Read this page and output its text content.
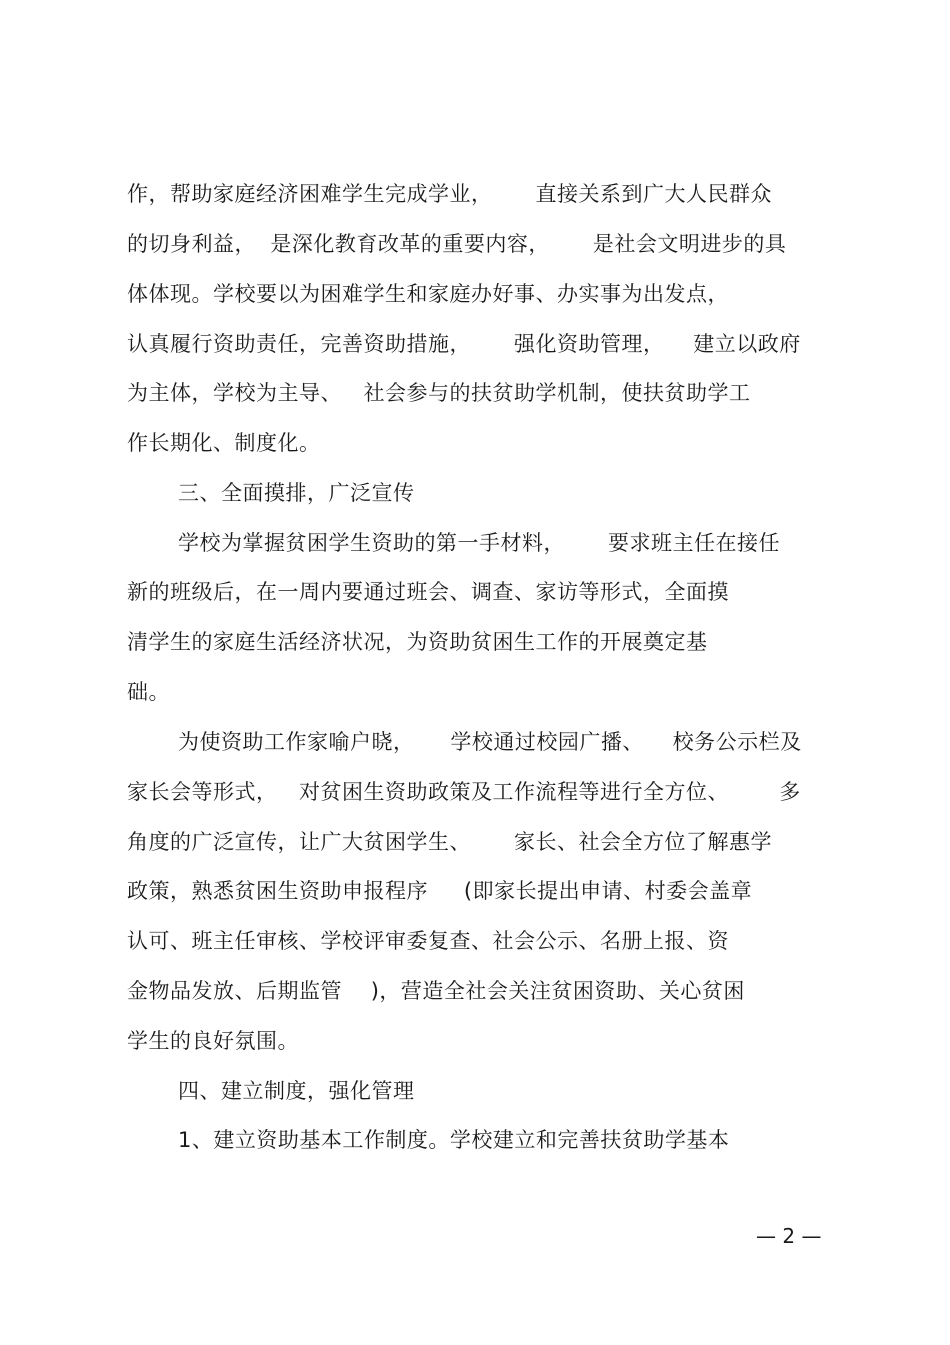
作，帮助家庭经济困难学生完成学业，      直接关系到广大人民群众
的切身利益，  是深化教育改革的重要内容，      是社会文明进步的具
体体现。学校要以为困难学生和家庭办好事、办实事为出发点，
认真履行资助责任，完善资助措施，      强化资助管理，    建立以政府
为主体，学校为主导、   社会参与的扶贫助学机制，使扶贫助学工
作长期化、制度化。
三、全面摸排，广泛宣传
学校为掌握贫困学生资助的第一手材料，      要求班主任在接任
新的班级后，在一周内要通过班会、调查、家访等形式，全面摸
清学生的家庭生活经济状况，为资助贫困生工作的开展奠定基
础。
为使资助工作家喻户晓，     学校通过校园广播、    校务公示栏及
家长会等形式，   对贫困生资助政策及工作流程等进行全方位、       多
角度的广泛宣传，让广大贫困学生、      家长、社会全方位了解惠学
政策，熟悉贫困生资助申报程序     (即家长提出申请、村委会盖章
认可、班主任审核、学校评审委复查、社会公示、名册上报、资
金物品发放、后期监管    )，营造全社会关注贫困资助、关心贫困
学生的良好氛围。
四、建立制度，强化管理
1、建立资助基本工作制度。学校建立和完善扶贫助学基本
— 2 —
